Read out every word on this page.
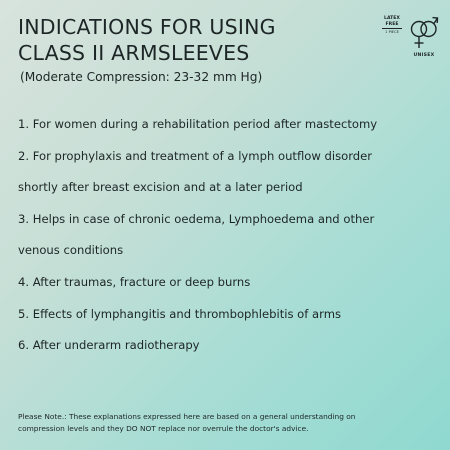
INDICATIONS FOR USING
CLASS II ARMSLEEVES
(Moderate Compression: 23-32 mm Hg)
LATEX
FREE
1 PIECE
UNISEX
1. For women during a rehabilitation period after mastectomy
2. For prophylaxis and treatment of a lymph outflow disorder
shortly after breast excision and at a later period
3. Helps in case of chronic oedema, Lymphoedema and other
venous conditions
4. After traumas, fracture or deep burns
5. Effects of lymphangitis and thrombophlebitis of arms
6. After underarm radiotherapy

Please Note.: These explanations expressed here are based on a general understanding on
compression levels and they DO NOT replace nor overrule the doctor's advice.
